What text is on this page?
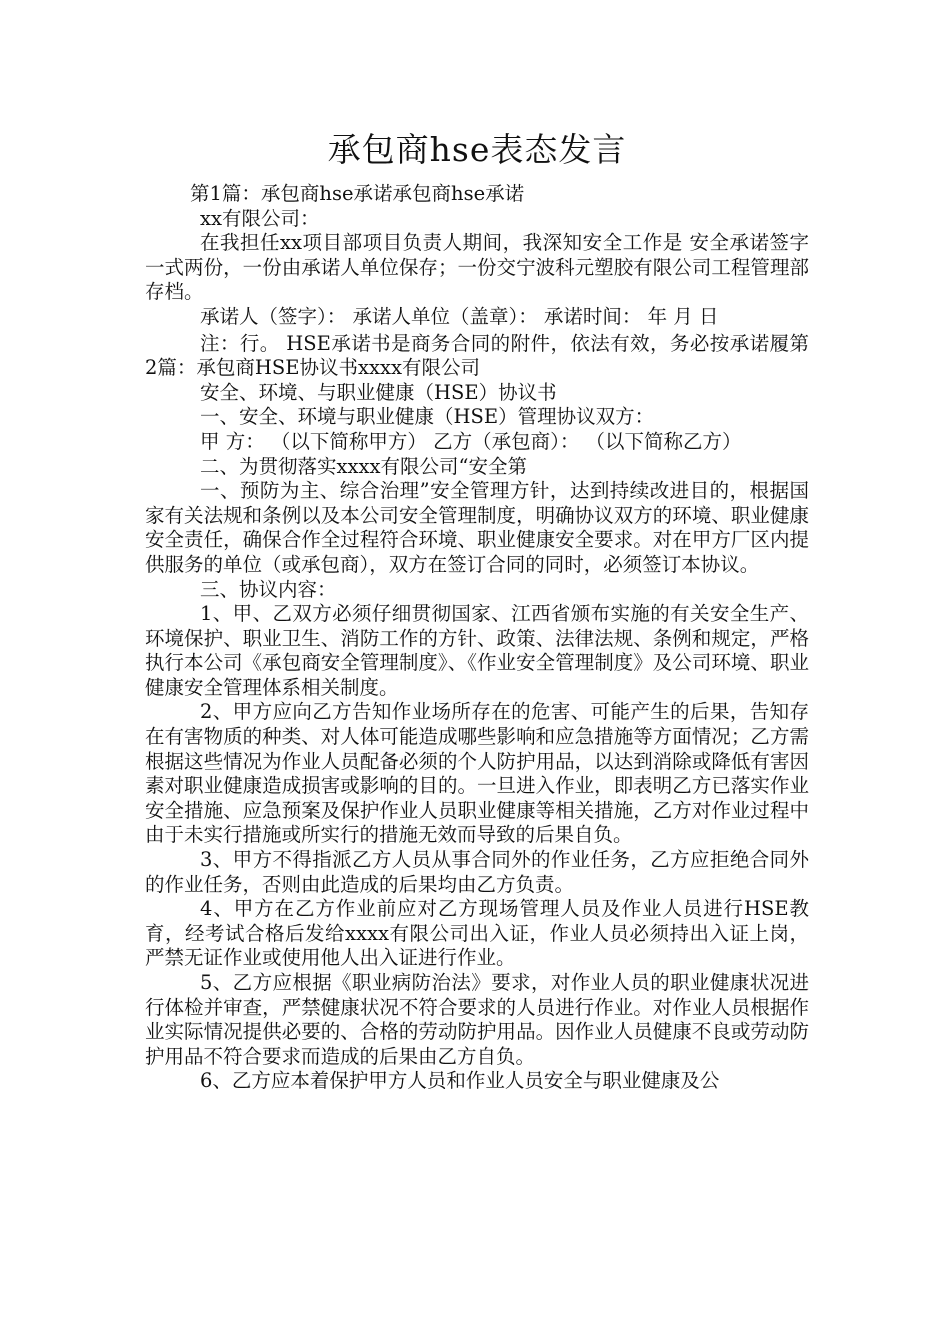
承包商hse表态发言

第1篇：承包商hse承诺承包商hse承诺

xx有限公司：

在我担任xx项目部项目负责人期间，我深知安全工作是 安全承诺签字一式两份，一份由承诺人单位保存；一份交宁波科元塑胶有限公司工程管理部存档。

承诺人（签字）： 承诺人单位（盖章）： 承诺时间： 年 月 日

注：行。 HSE承诺书是商务合同的附件，依法有效，务必按承诺履第2篇：承包商HSE协议书xxxx有限公司

安全、环境、与职业健康（HSE）协议书

一、安全、环境与职业健康（HSE）管理协议双方：

甲 方： （以下简称甲方） 乙方（承包商）： （以下简称乙方）

二、为贯彻落实xxxx有限公司“安全第

一、预防为主、综合治理”安全管理方针，达到持续改进目的，根据国家有关法规和条例以及本公司安全管理制度，明确协议双方的环境、职业健康安全责任，确保合作全过程符合环境、职业健康安全要求。对在甲方厂区内提供服务的单位（或承包商），双方在签订合同的同时，必须签订本协议。

三、协议内容：

1、甲、乙双方必须仔细贯彻国家、江西省颁布实施的有关安全生产、环境保护、职业卫生、消防工作的方针、政策、法律法规、条例和规定，严格执行本公司《承包商安全管理制度》、《作业安全管理制度》及公司环境、职业健康安全管理体系相关制度。

2、甲方应向乙方告知作业场所存在的危害、可能产生的后果，告知存在有害物质的种类、对人体可能造成哪些影响和应急措施等方面情况；乙方需根据这些情况为作业人员配备必须的个人防护用品，以达到消除或降低有害因素对职业健康造成损害或影响的目的。一旦进入作业，即表明乙方已落实作业安全措施、应急预案及保护作业人员职业健康等相关措施，乙方对作业过程中由于未实行措施或所实行的措施无效而导致的后果自负。

3、甲方不得指派乙方人员从事合同外的作业任务，乙方应拒绝合同外的作业任务，否则由此造成的后果均由乙方负责。

4、甲方在乙方作业前应对乙方现场管理人员及作业人员进行HSE教育，经考试合格后发给xxxx有限公司出入证，作业人员必须持出入证上岗，严禁无证作业或使用他人出入证进行作业。

5、乙方应根据《职业病防治法》要求，对作业人员的职业健康状况进行体检并审查，严禁健康状况不符合要求的人员进行作业。对作业人员根据作业实际情况提供必要的、合格的劳动防护用品。因作业人员健康不良或劳动防护用品不符合要求而造成的后果由乙方自负。

6、乙方应本着保护甲方人员和作业人员安全与职业健康及公
